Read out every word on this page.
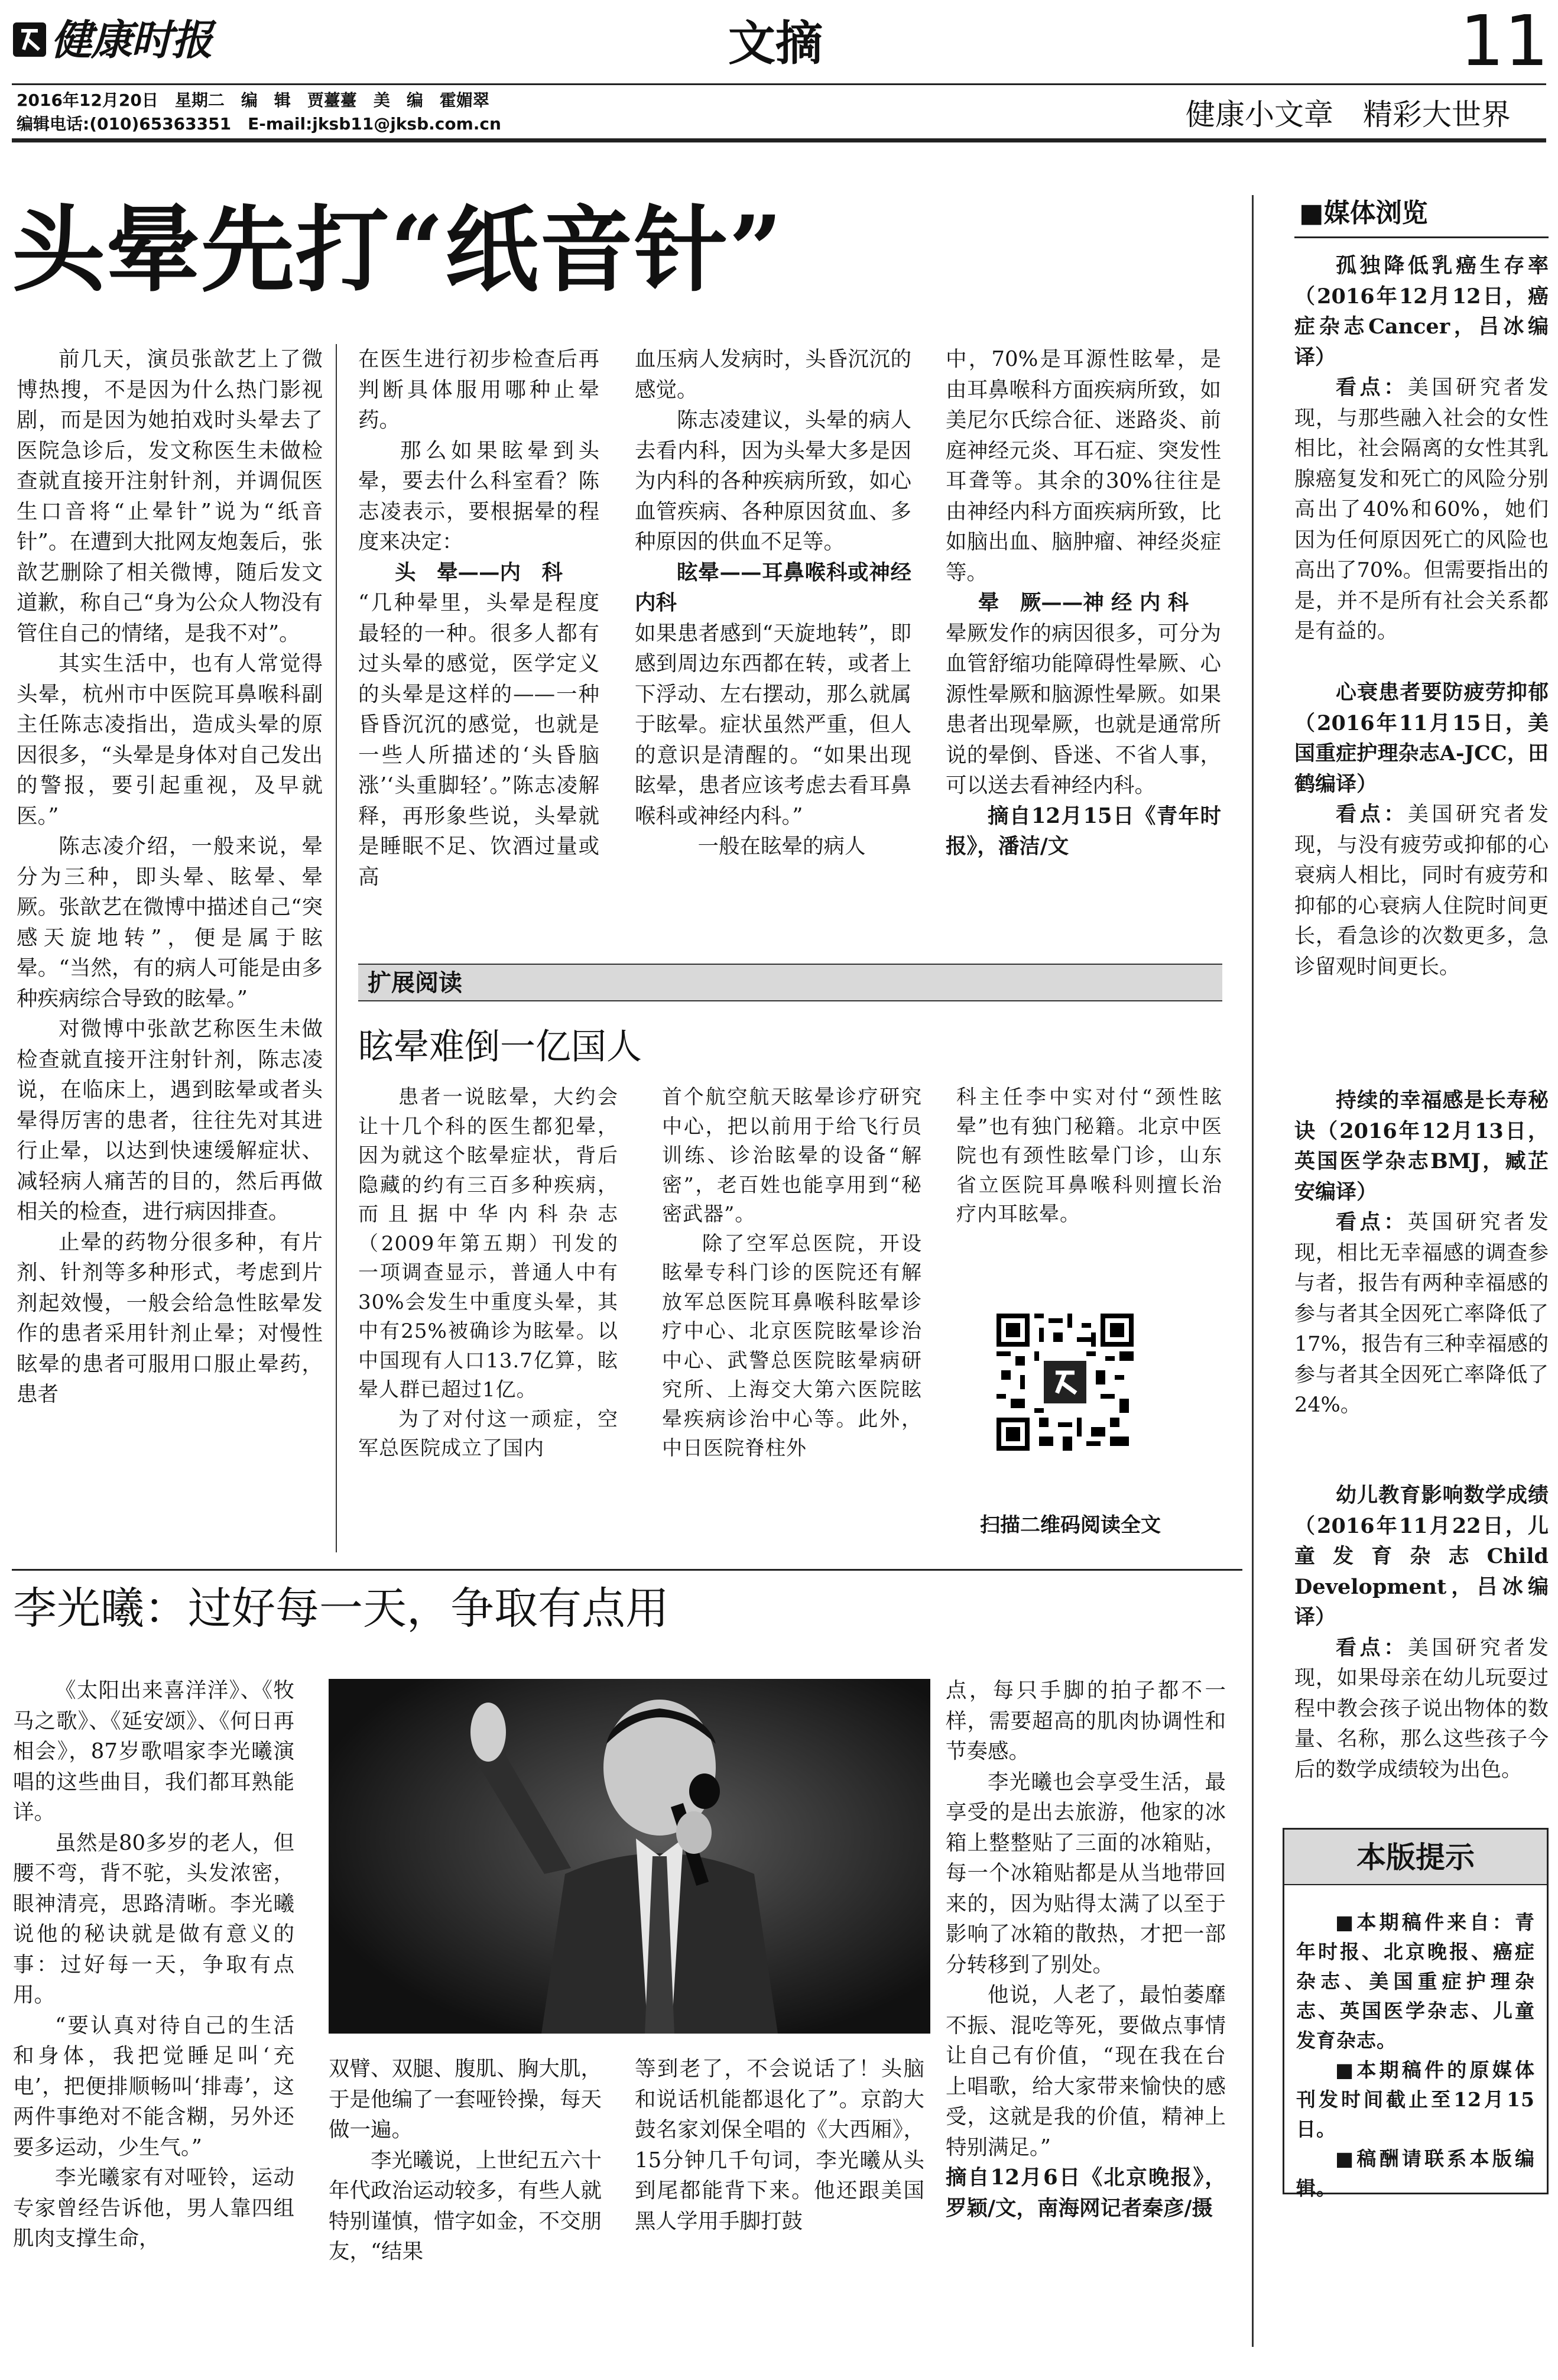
健康时报	文摘	11
2016年12月20日　星期二　编　辑　贾薹薹　美　编　霍媚翠
编辑电话:(010)65363351　E-mail:jksb11@jksb.com.cn	健康小文章　精彩大世界
头晕先打“纸音针”

前几天，演员张歆艺上了微博热搜，不是因为什么热门影视剧，而是因为她拍戏时头晕去了医院急诊后，发文称医生未做检查就直接开注射针剂，并调侃医生口音将“止晕针”说为“纸音针”。在遭到大批网友炮轰后，张歆艺删除了相关微博，随后发文道歉，称自己“身为公众人物没有管住自己的情绪，是我不对”。

其实生活中，也有人常觉得头晕，杭州市中医院耳鼻喉科副主任陈志凌指出，造成头晕的原因很多，“头晕是身体对自己发出的警报，要引起重视，及早就医。”

陈志凌介绍，一般来说，晕分为三种，即头晕、眩晕、晕厥。张歆艺在微博中描述自己“突感天旋地转”，便是属于眩晕。“当然，有的病人可能是由多种疾病综合导致的眩晕。”

对微博中张歆艺称医生未做检查就直接开注射针剂，陈志凌说，在临床上，遇到眩晕或者头晕得厉害的患者，往往先对其进行止晕，以达到快速缓解症状、减轻病人痛苦的目的，然后再做相关的检查，进行病因排查。

止晕的药物分很多种，有片剂、针剂等多种形式，考虑到片剂起效慢，一般会给急性眩晕发作的患者采用针剂止晕；对慢性眩晕的患者可服用口服止晕药，患者

在医生进行初步检查后再判断具体服用哪种止晕药。

那么如果眩晕到头晕，要去什么科室看？陈志凌表示，要根据晕的程度来决定：

头　晕——内　科

“几种晕里，头晕是程度最轻的一种。很多人都有过头晕的感觉，医学定义的头晕是这样的——一种昏昏沉沉的感觉，也就是一些人所描述的‘头昏脑涨’‘头重脚轻’。”陈志凌解释，再形象些说，头晕就是睡眠不足、饮酒过量或高

血压病人发病时，头昏沉沉的感觉。

陈志凌建议，头晕的病人去看内科，因为头晕大多是因为内科的各种疾病所致，如心血管疾病、各种原因贫血、多种原因的供血不足等。

眩晕——耳鼻喉科或神经内科

如果患者感到“天旋地转”，即感到周边东西都在转，或者上下浮动、左右摆动，那么就属于眩晕。症状虽然严重，但人的意识是清醒的。“如果出现眩晕，患者应该考虑去看耳鼻喉科或神经内科。”

一般在眩晕的病人

中，70%是耳源性眩晕，是由耳鼻喉科方面疾病所致，如美尼尔氏综合征、迷路炎、前庭神经元炎、耳石症、突发性耳聋等。其余的30%往往是由神经内科方面疾病所致，比如脑出血、脑肿瘤、神经炎症等。

晕　厥——神 经 内 科

晕厥发作的病因很多，可分为血管舒缩功能障碍性晕厥、心源性晕厥和脑源性晕厥。如果患者出现晕厥，也就是通常所说的晕倒、昏迷、不省人事，可以送去看神经内科。

摘自12月15日《青年时报》，潘洁/文

扩展阅读
眩晕难倒一亿国人

患者一说眩晕，大约会让十几个科的医生都犯晕，因为就这个眩晕症状，背后隐藏的约有三百多种疾病，而且据中华内科杂志（2009年第五期）刊发的一项调查显示，普通人中有30%会发生中重度头晕，其中有25%被确诊为眩晕。以中国现有人口13.7亿算，眩晕人群已超过1亿。

为了对付这一顽症，空军总医院成立了国内

首个航空航天眩晕诊疗研究中心，把以前用于给飞行员训练、诊治眩晕的设备“解密”，老百姓也能享用到“秘密武器”。

除了空军总医院，开设眩晕专科门诊的医院还有解放军总医院耳鼻喉科眩晕诊疗中心、北京医院眩晕诊治中心、武警总医院眩晕病研究所、上海交大第六医院眩晕疾病诊治中心等。此外，中日医院脊柱外

科主任李中实对付“颈性眩晕”也有独门秘籍。北京中医院也有颈性眩晕门诊，山东省立医院耳鼻喉科则擅长治疗内耳眩晕。

扫描二维码阅读全文
李光曦：过好每一天，争取有点用

《太阳出来喜洋洋》、《牧马之歌》、《延安颂》、《何日再相会》，87岁歌唱家李光曦演唱的这些曲目，我们都耳熟能详。

虽然是80多岁的老人，但腰不弯，背不驼，头发浓密，眼神清亮，思路清晰。李光曦说他的秘诀就是做有意义的事：过好每一天，争取有点用。

“要认真对待自己的生活和身体，我把觉睡足叫‘充电’，把便排顺畅叫‘排毒’，这两件事绝对不能含糊，另外还要多运动，少生气。”

李光曦家有对哑铃，运动专家曾经告诉他，男人靠四组肌肉支撑生命，

双臂、双腿、腹肌、胸大肌，于是他编了一套哑铃操，每天做一遍。

李光曦说，上世纪五六十年代政治运动较多，有些人就特别谨慎，惜字如金，不交朋友，“结果

等到老了，不会说话了！头脑和说话机能都退化了”。京韵大鼓名家刘保全唱的《大西厢》，15分钟几千句词，李光曦从头到尾都能背下来。他还跟美国黑人学用手脚打鼓

点，每只手脚的拍子都不一样，需要超高的肌肉协调性和节奏感。

李光曦也会享受生活，最享受的是出去旅游，他家的冰箱上整整贴了三面的冰箱贴，每一个冰箱贴都是从当地带回来的，因为贴得太满了以至于影响了冰箱的散热，才把一部分转移到了别处。

他说，人老了，最怕萎靡不振、混吃等死，要做点事情让自己有价值，“现在我在台上唱歌，给大家带来愉快的感受，这就是我的价值，精神上特别满足。”

摘自12月6日《北京晚报》，罗颖/文，南海网记者秦彦/摄

■媒体浏览

孤独降低乳癌生存率（2016年12月12日，癌症杂志Cancer，吕冰编译）

看点：美国研究者发现，与那些融入社会的女性相比，社会隔离的女性其乳腺癌复发和死亡的风险分别高出了40%和60%，她们因为任何原因死亡的风险也高出了70%。但需要指出的是，并不是所有社会关系都是有益的。

心衰患者要防疲劳抑郁（2016年11月15日，美国重症护理杂志A-JCC，田鹤编译）

看点：美国研究者发现，与没有疲劳或抑郁的心衰病人相比，同时有疲劳和抑郁的心衰病人住院时间更长，看急诊的次数更多，急诊留观时间更长。

持续的幸福感是长寿秘诀（2016年12月13日，英国医学杂志BMJ，臧芷安编译）

看点：英国研究者发现，相比无幸福感的调查参与者，报告有两种幸福感的参与者其全因死亡率降低了17%，报告有三种幸福感的参与者其全因死亡率降低了24%。

幼儿教育影响数学成绩（2016年11月22日，儿童发育杂志Child Development，吕冰编译）

看点：美国研究者发现，如果母亲在幼儿玩耍过程中教会孩子说出物体的数量、名称，那么这些孩子今后的数学成绩较为出色。

本版提示

■本期稿件来自：青年时报、北京晚报、癌症杂志、美国重症护理杂志、英国医学杂志、儿童发育杂志。

■本期稿件的原媒体刊发时间截止至12月15日。

■稿酬请联系本版编辑。
